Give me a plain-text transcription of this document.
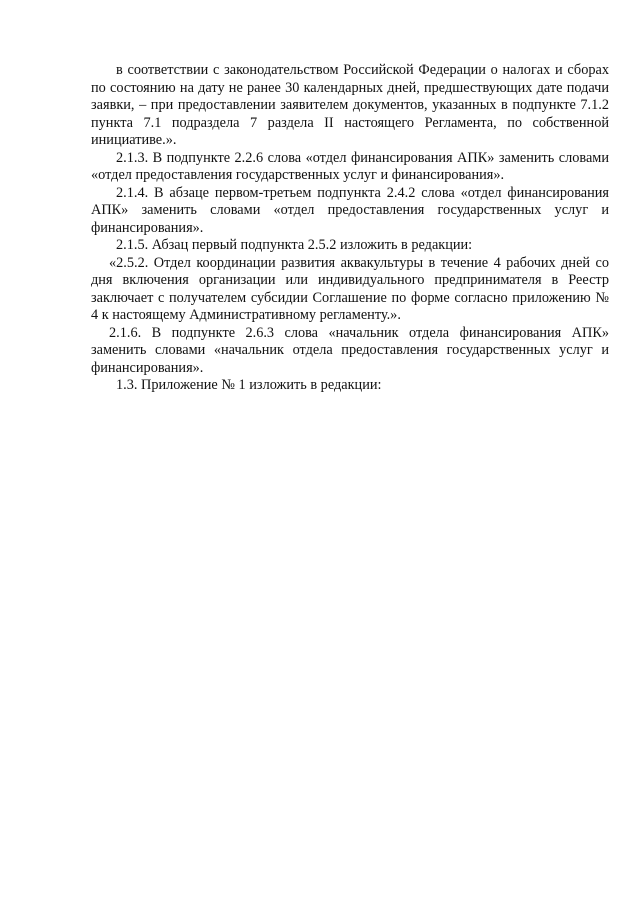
в соответствии с законодательством Российской Федерации о налогах и сборах по состоянию на дату не ранее 30 календарных дней, предшествующих дате подачи заявки, – при предоставлении заявителем документов, указанных в подпункте 7.1.2 пункта 7.1 подраздела 7 раздела II настоящего Регламента, по собственной инициативе.».

2.1.3. В подпункте 2.2.6 слова «отдел финансирования АПК» заменить словами «отдел предоставления государственных услуг и финансирования».

2.1.4. В абзаце первом-третьем подпункта 2.4.2 слова «отдел финансирования АПК» заменить словами «отдел предоставления государственных услуг и финансирования».

2.1.5. Абзац первый подпункта 2.5.2 изложить в редакции:

«2.5.2. Отдел координации развития аквакультуры в течение 4 рабочих дней со дня включения организации или индивидуального предпринимателя в Реестр заключает с получателем субсидии Соглашение по форме согласно приложению № 4 к настоящему Административному регламенту.».

2.1.6. В подпункте 2.6.3 слова «начальник отдела финансирования АПК» заменить словами «начальник отдела предоставления государственных услуг и финансирования».

1.3. Приложение № 1 изложить в редакции:
